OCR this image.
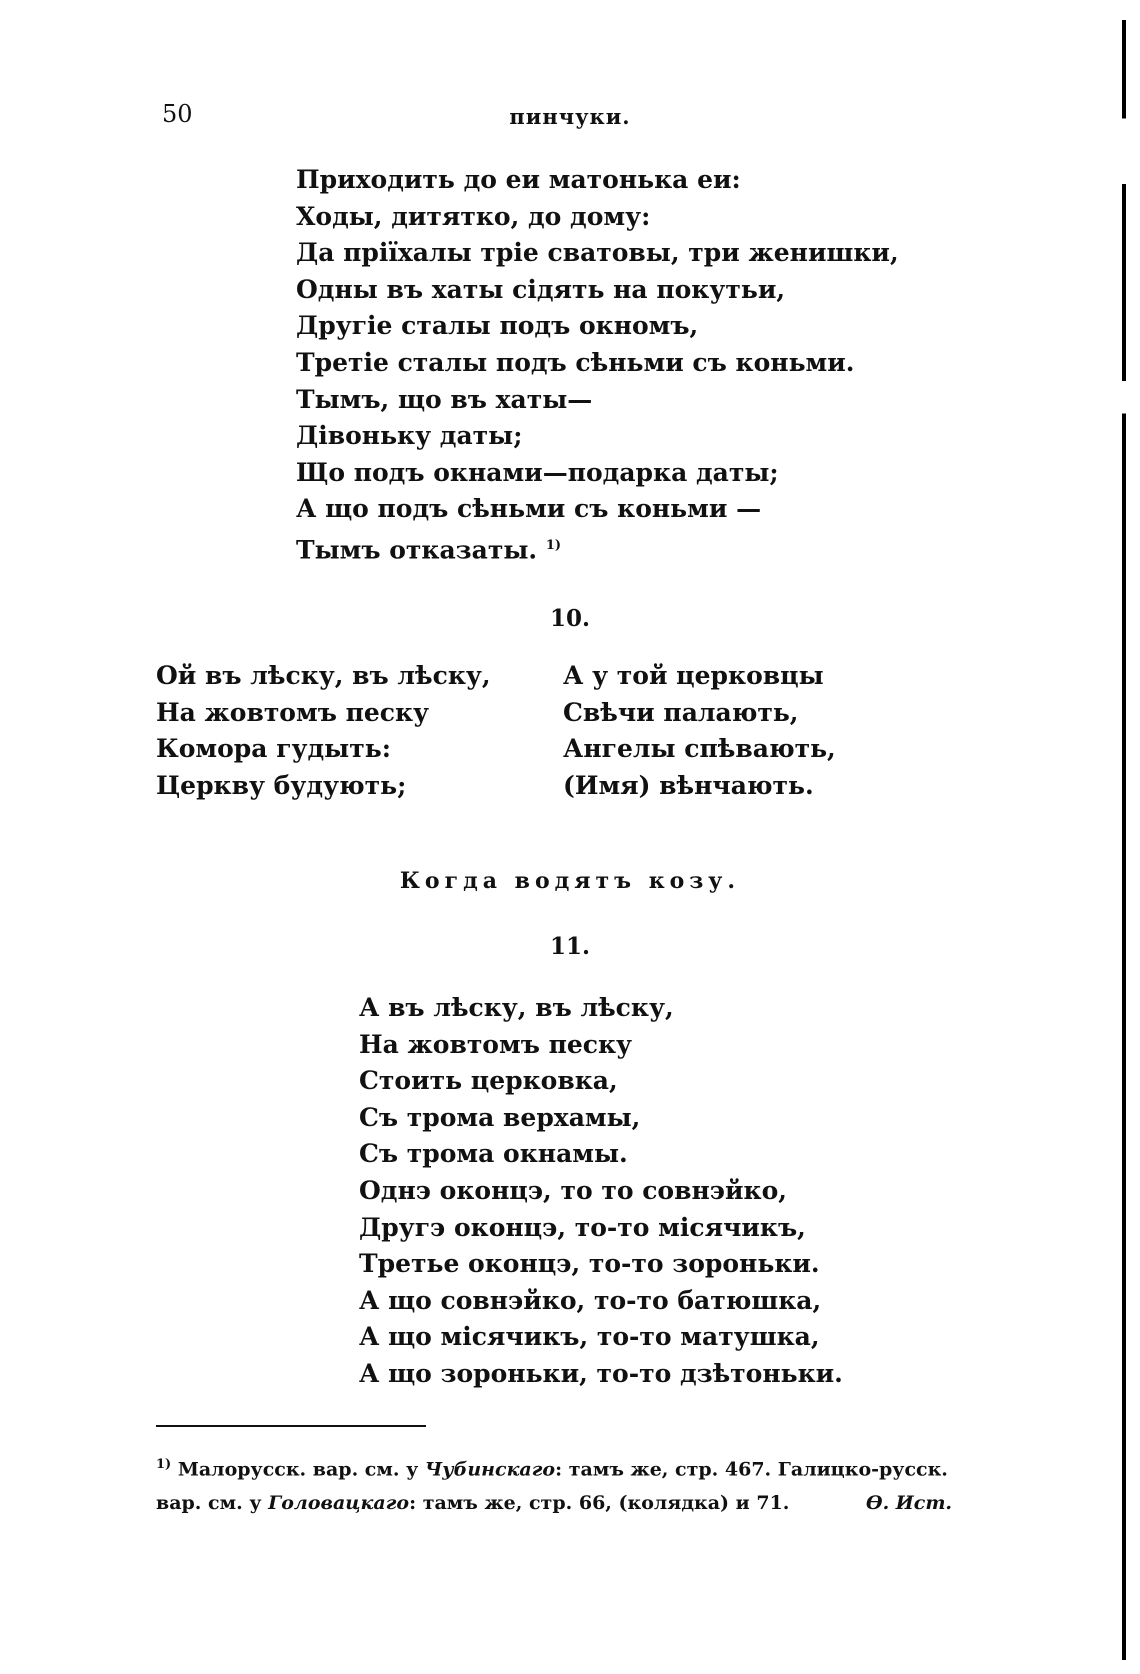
50	пинчуки.
Приходить до еи матонька еи:
Ходы, дитятко, до дому:
Да пріїхалы тріе сватовы, три женишки,
Одны въ хаты сідять на покутьи,
Другіе сталы подъ окномъ,
Третіе сталы подъ сѣньми съ коньми.
Тымъ, що въ хаты—
Дівоньку даты;
Що подъ окнами—подарка даты;
А що подъ сѣньми съ коньми —
Тымъ отказаты. $^{1)}$
10.
Ой въ лѣску, въ лѣску,
На жовтомъ песку
Комора гудыть:
Церкву будують;
А у той церковцы
Свѣчи палають,
Ангелы спѣвають,
(Имя) вѣнчають.
Когда водятъ козу.
11.
А въ лѣску, въ лѣску,
На жовтомъ песку
Стоить церковка,
Съ трома верхамы,
Съ трома окнамы.
Однэ оконцэ, то то совнэйко,
Другэ оконцэ, то-то місячикъ,
Третье оконцэ, то-то зороньки.
А що совнэйко, то-то батюшка,
А що місячикъ, то-то матушка,
А що зороньки, то-то дзѣтоньки.
$^{1)}$ Малорусск. вар. см. у Чубинскаго: тамъ же, стр. 467. Галицко-русск.
вар. см. у Головацкаго: тамъ же, стр. 66, (колядка) и 71.	Ѳ. Ист.
